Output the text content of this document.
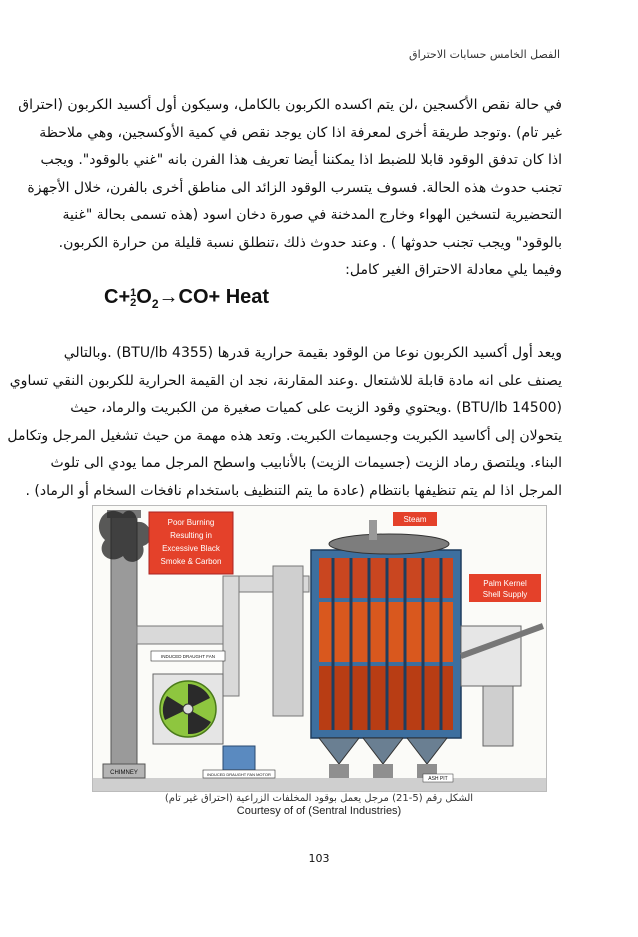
الفصل الخامس حسابات الاحتراق

في حالة نقص الأكسجين ،لن يتم اكسده الكربون بالكامل، وسيكون أول أكسيد الكربون (احتراق

غير تام) .وتوجد طريقة أخرى لمعرفة اذا كان يوجد نقص في كمية الأوكسجين، وهي ملاحظة

اذا كان تدفق الوقود قابلا للضبط اذا يمكننا أيضا تعريف هذا الفرن بانه "غني بالوقود". ويجب

تجنب حدوث هذه الحالة. فسوف يتسرب الوقود الزائد الى مناطق أخرى بالفرن، خلال الأجهزة

التحضيرية لتسخين الهواء وخارج المدخنة في صورة دخان اسود (هذه تسمى بحالة "غنية

بالوقود" ويجب تجنب حدوثها ) . وعند حدوث ذلك ،تنطلق نسبة قليلة من حرارة الكربون.

وفيما يلي معادلة الاحتراق الغير كامل:

C+1
$2O_2\to CO+$ Heat

ويعد أول أكسيد الكربون نوعا من الوقود بقيمة حرارية قدرها (4355 BTU/lb) .وبالتالي

يصنف على انه مادة قابلة للاشتعال .وعند المقارنة، نجد ان القيمة الحرارية للكربون النقي تساوي

(14500 BTU/lb) .ويحتوي وقود الزيت على كميات صغيرة من الكبريت والرماد، حيث

يتحولان إلى أكاسيد الكبريت وجسيمات الكبريت. وتعد هذه مهمة من حيث تشغيل المرجل وتكامل

البناء. ويلتصق رماد الزيت (جسيمات الزيت) بالأنابيب واسطح المرجل مما يودي الى تلوث

المرجل اذا لم يتم تنظيفها بانتظام (عادة ما يتم التنظيف باستخدام نافخات السخام أو الرماد) .

CHIMNEY
Poor Burning
Resulting in
Excessive Black
Smoke & Carbon
INDUCED DRAUGHT FAN
INDUCED DRAUGHT FAN MOTOR
Steam
Palm Kernel
Shell Supply
ASH PIT
الشكل رقم (5-21) مرجل يعمل بوقود المخلفات الزراعية (احتراق غير تام)
Courtesy of of (Sentral Industries)
103
